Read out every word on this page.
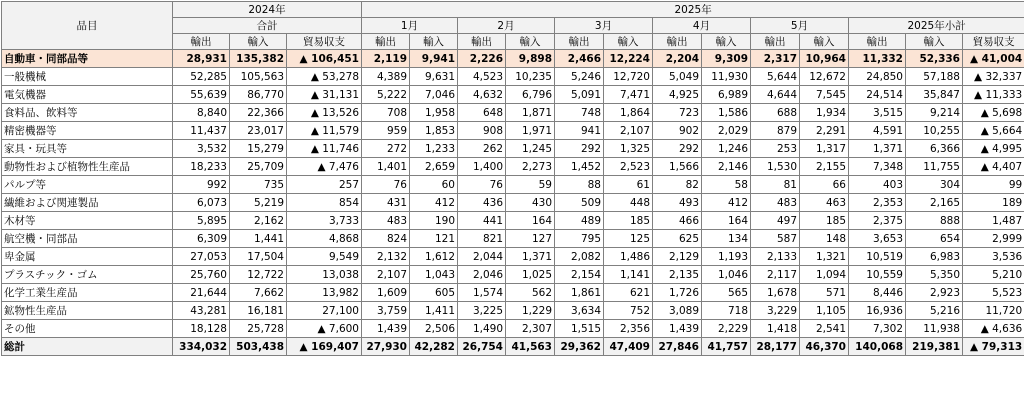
品目	2024年			2025年												
	合計			1月		2月		3月		4月		5月		2025年小計		
	輸出	輸入	貿易収支	輸出	輸入	輸出	輸入	輸出	輸入	輸出	輸入	輸出	輸入	輸出	輸入	貿易収支
自動車・同部品等	28,931	135,382	▲ 106,451	2,119	9,941	2,226	9,898	2,466	12,224	2,204	9,309	2,317	10,964	11,332	52,336	▲ 41,004
一般機械	52,285	105,563	▲ 53,278	4,389	9,631	4,523	10,235	5,246	12,720	5,049	11,930	5,644	12,672	24,850	57,188	▲ 32,337
電気機器	55,639	86,770	▲ 31,131	5,222	7,046	4,632	6,796	5,091	7,471	4,925	6,989	4,644	7,545	24,514	35,847	▲ 11,333
食料品、飲料等	8,840	22,366	▲ 13,526	708	1,958	648	1,871	748	1,864	723	1,586	688	1,934	3,515	9,214	▲ 5,698
精密機器等	11,437	23,017	▲ 11,579	959	1,853	908	1,971	941	2,107	902	2,029	879	2,291	4,591	10,255	▲ 5,664
家具・玩具等	3,532	15,279	▲ 11,746	272	1,233	262	1,245	292	1,325	292	1,246	253	1,317	1,371	6,366	▲ 4,995
動物性および植物性生産品	18,233	25,709	▲ 7,476	1,401	2,659	1,400	2,273	1,452	2,523	1,566	2,146	1,530	2,155	7,348	11,755	▲ 4,407
パルプ等	992	735	257	76	60	76	59	88	61	82	58	81	66	403	304	99
繊維および関連製品	6,073	5,219	854	431	412	436	430	509	448	493	412	483	463	2,353	2,165	189
木材等	5,895	2,162	3,733	483	190	441	164	489	185	466	164	497	185	2,375	888	1,487
航空機・同部品	6,309	1,441	4,868	824	121	821	127	795	125	625	134	587	148	3,653	654	2,999
卑金属	27,053	17,504	9,549	2,132	1,612	2,044	1,371	2,082	1,486	2,129	1,193	2,133	1,321	10,519	6,983	3,536
プラスチック・ゴム	25,760	12,722	13,038	2,107	1,043	2,046	1,025	2,154	1,141	2,135	1,046	2,117	1,094	10,559	5,350	5,210
化学工業生産品	21,644	7,662	13,982	1,609	605	1,574	562	1,861	621	1,726	565	1,678	571	8,446	2,923	5,523
鉱物性生産品	43,281	16,181	27,100	3,759	1,411	3,225	1,229	3,634	752	3,089	718	3,229	1,105	16,936	5,216	11,720
その他	18,128	25,728	▲ 7,600	1,439	2,506	1,490	2,307	1,515	2,356	1,439	2,229	1,418	2,541	7,302	11,938	▲ 4,636
総計	334,032	503,438	▲ 169,407	27,930	42,282	26,754	41,563	29,362	47,409	27,846	41,757	28,177	46,370	140,068	219,381	▲ 79,313
